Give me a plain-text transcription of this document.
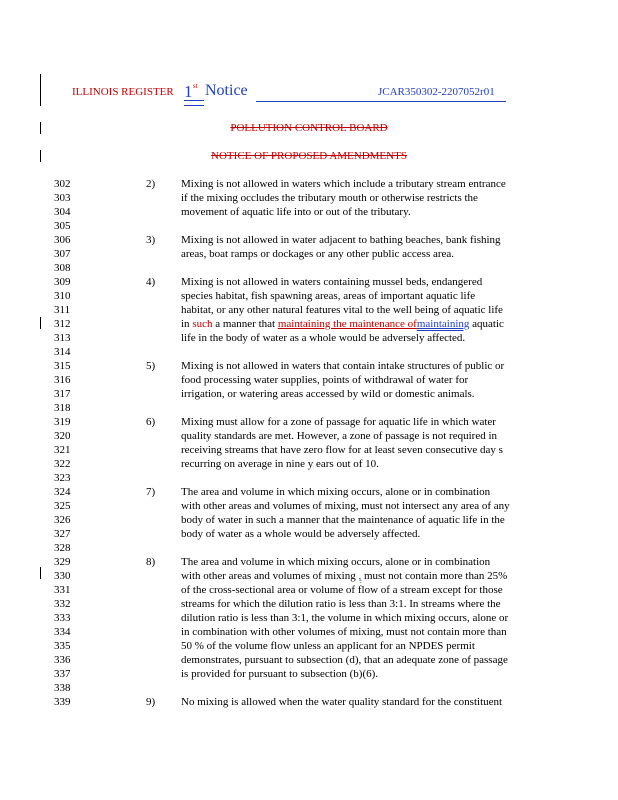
ILLINOIS REGISTER 1 st Notice	JCAR350302-2207052r01
POLLUTION CONTROL BOARD
NOTICE OF PROPOSED AMENDMENTS
302
303
304
305
306
307
308
309
310
311
312
313
314
315
316
317
318
319
320
321
322
323
324
325
326
327
328
329
330
331
332
333
334
335
336
337
338
339
2)
3)
4)
5)
6)
7)
8)
9)
Mixing is not allowed in waters which include a tributary stream entrance
if the mixing occludes the tributary mouth or otherwise restricts the
movement of aquatic life into or out of the tributary.
Mixing is not allowed in water adjacent to bathing beaches, bank fishing
areas, boat ramps or dockages or any other public access area.
Mixing is not allowed in waters containing mussel beds, endangered
species habitat, fish spawning areas, areas of important aquatic life
habitat, or any other natural features vital to the well being of aquatic life
in such a manner that maintaining the maintenance ofmaintaining aquatic
life in the body of water as a whole would be adversely affected.
Mixing is not allowed in waters that contain intake structures of public or
food processing water supplies, points of withdrawal of water for
irrigation, or watering areas accessed by wild or domestic animals.
Mixing must allow for a zone of passage for aquatic life in which water
quality standards are met. However, a zone of passage is not required in
receiving streams that have zero flow for at least seven consecutive day s
recurring on average in nine y ears out of 10.
The area and volume in which mixing occurs, alone or in combination
with other areas and volumes of mixing, must not intersect any area of any
body of water in such a manner that the maintenance of aquatic life in the
body of water as a whole would be adversely affected.
The area and volume in which mixing occurs, alone or in combination
with other areas and volumes of mixing , must not contain more than 25%
of the cross-sectional area or volume of flow of a stream except for those
streams for which the dilution ratio is less than 3:1. In streams where the
dilution ratio is less than 3:1, the volume in which mixing occurs, alone or
in combination with other volumes of mixing, must not contain more than
50 % of the volume flow unless an applicant for an NPDES permit
demonstrates, pursuant to subsection (d), that an adequate zone of passage
is provided for pursuant to subsection (b)(6).
No mixing is allowed when the water quality standard for the constituent
